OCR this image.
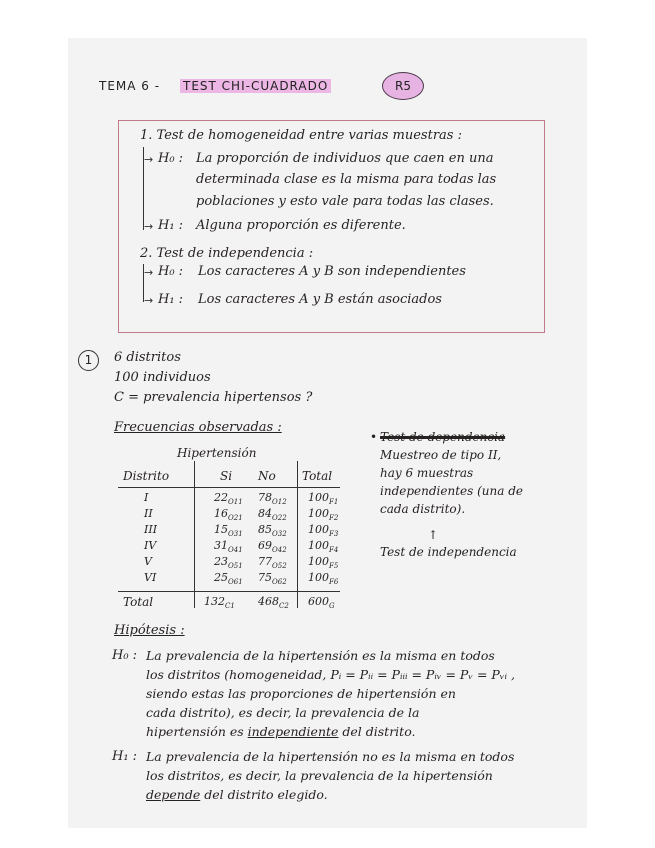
TEMA 6 - TEST CHI-CUADRADO	R5
1. Test de homogeneidad entre varias muestras :
→ H₀ : La proporción de individuos que caen en una
determinada clase es la misma para todas las
poblaciones y esto vale para todas las clases.
→ H₁ : Alguna proporción es diferente.
2. Test de independencia :
→ H₀ : Los caracteres A y B son independientes
→ H₁ : Los caracteres A y B están asociados
1	6 distritos
100 individuos
C = prevalencia hipertensos ?
Frecuencias observadas :
Hipertensión
Distrito	Si No Total
I	$22_{O11}$ $78_{O12}$ $100_{F1}$
II	$16_{O21}$ $84_{O22}$ $100_{F2}$
III	$15_{O31}$ $85_{O32}$ $100_{F3}$
IV	$31_{O41}$ $69_{O42}$ $100_{F4}$
V	$23_{O51}$ $77_{O52}$ $100_{F5}$
VI	$25_{O61}$ $75_{O62}$ $100_{F6}$
Total	$132_{C1}$ $468_{C2}$ $600_G$
• Test de dependencia
Muestreo de tipo II,
hay 6 muestras
independientes (una de
cada distrito).
↑
Test de independencia
Hipótesis :
H₀ : La prevalencia de la hipertensión es la misma en todos
los distritos (homogeneidad, Pᵢ = Pᵢᵢ = Pᵢᵢᵢ = Pᵢᵥ = Pᵥ = Pᵥᵢ ,
siendo estas las proporciones de hipertensión en
cada distrito), es decir, la prevalencia de la
hipertensión es independiente del distrito.
H₁ : La prevalencia de la hipertensión no es la misma en todos
los distritos, es decir, la prevalencia de la hipertensión
depende del distrito elegido.
